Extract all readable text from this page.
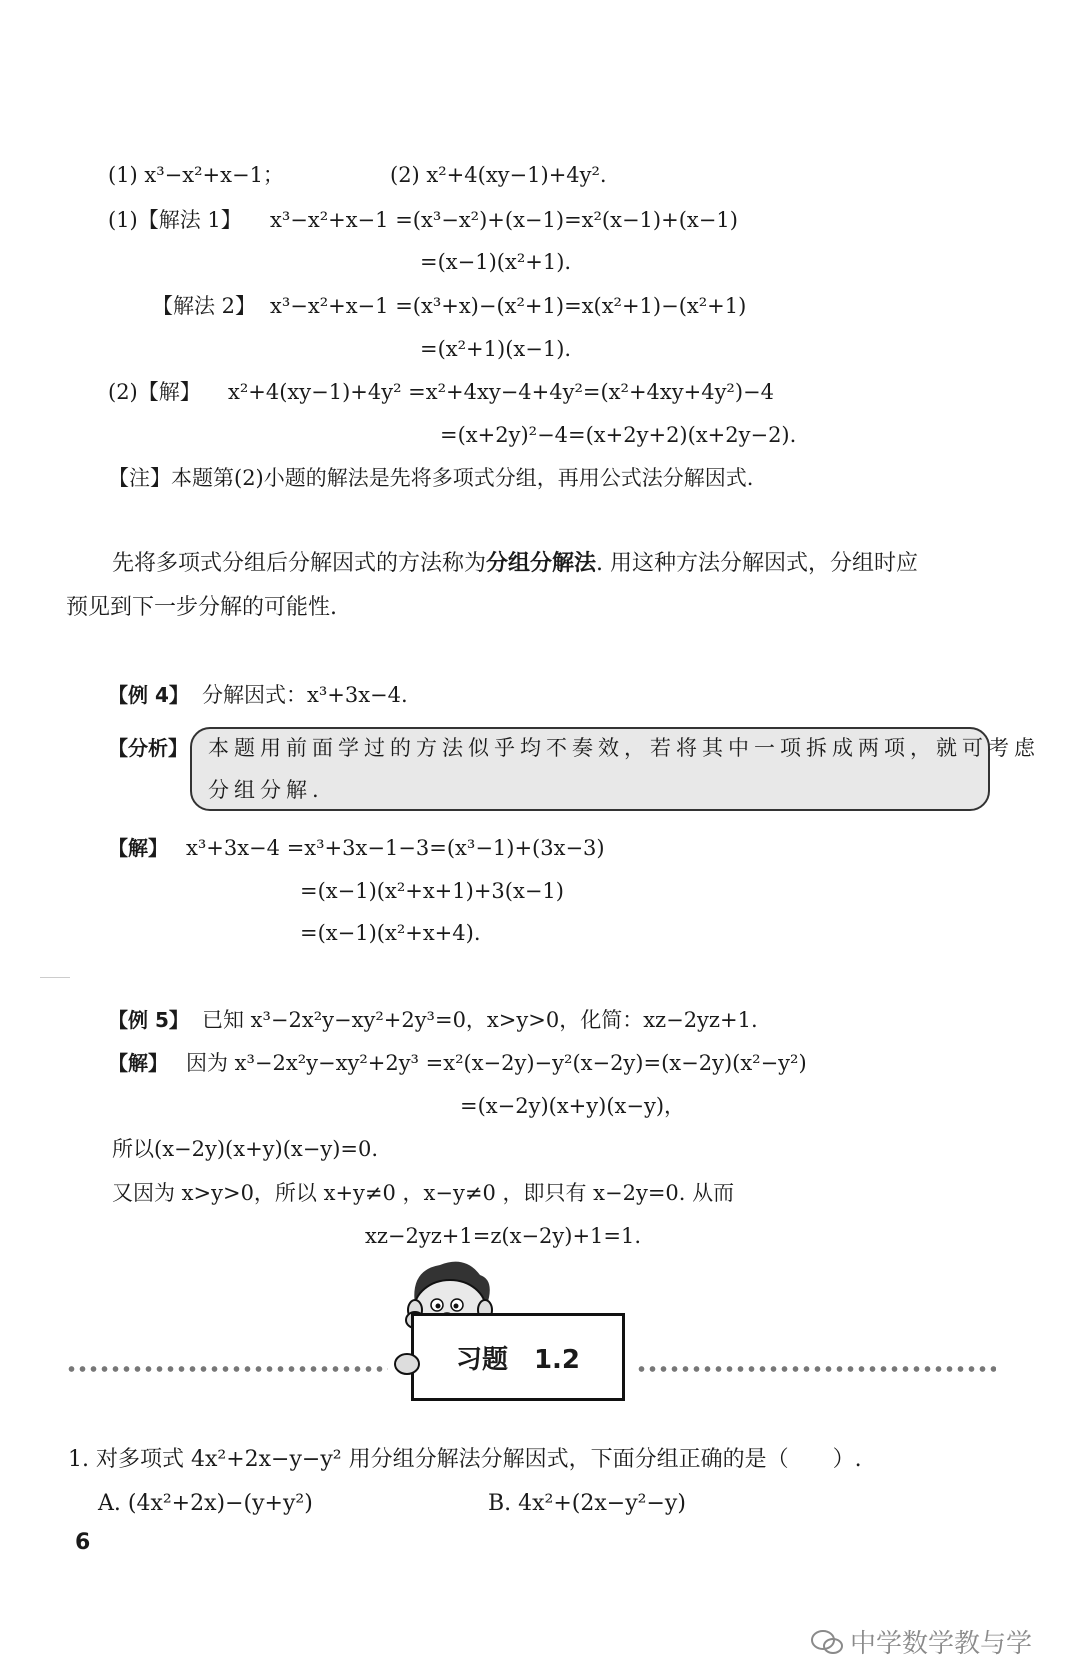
(1) x³−x²+x−1；	(2) x²+4(xy−1)+4y².
(1)【解法 1】 x³−x²+x−1 =(x³−x²)+(x−1)=x²(x−1)+(x−1)
=(x−1)(x²+1).
【解法 2】 x³−x²+x−1 =(x³+x)−(x²+1)=x(x²+1)−(x²+1)
=(x²+1)(x−1).
(2)【解】 x²+4(xy−1)+4y² =x²+4xy−4+4y²=(x²+4xy+4y²)−4
=(x+2y)²−4=(x+2y+2)(x+2y−2).
【注】本题第(2)小题的解法是先将多项式分组，再用公式法分解因式.
先将多项式分组后分解因式的方法称为分组分解法. 用这种方法分解因式，分组时应
预见到下一步分解的可能性.
【例 4】 分解因式：x³+3x−4.
【分析】 本题用前面学过的方法似乎均不奏效，若将其中一项拆成两项，就可考虑
分组分解.
【解】 x³+3x−4 =x³+3x−1−3=(x³−1)+(3x−3)
=(x−1)(x²+x+1)+3(x−1)
=(x−1)(x²+x+4).
【例 5】 已知 x³−2x²y−xy²+2y³=0，x>y>0，化简：xz−2yz+1.
【解】 因为 x³−2x²y−xy²+2y³ =x²(x−2y)−y²(x−2y)=(x−2y)(x²−y²)
=(x−2y)(x+y)(x−y)，
所以(x−2y)(x+y)(x−y)=0.
又因为 x>y>0，所以 x+y≠0 ，x−y≠0 ，即只有 x−2y=0. 从而
xz−2yz+1=z(x−2y)+1=1.
习题　1.2
1. 对多项式 4x²+2x−y−y² 用分组分解法分解因式，下面分组正确的是（　　）.
A. (4x²+2x)−(y+y²)	B. 4x²+(2x−y²−y)
6
中学数学教与学
